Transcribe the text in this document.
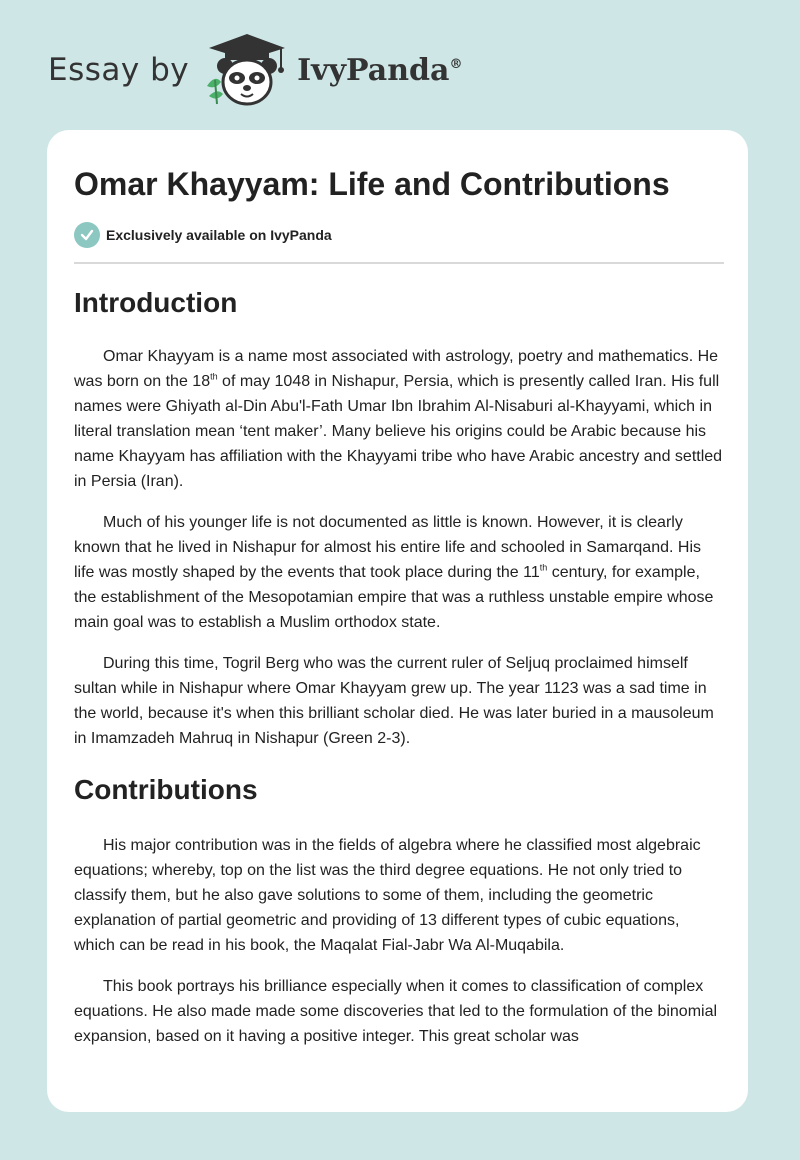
Essay by	IvyPanda®
Omar Khayyam: Life and Contributions
Exclusively available on IvyPanda
Introduction

Omar Khayyam is a name most associated with astrology, poetry and mathematics. He was born on the 18th of may 1048 in Nishapur, Persia, which is presently called Iran. His full names were Ghiyath al-Din Abu'l-Fath Umar Ibn Ibrahim Al-Nisaburi al-Khayyami, which in literal translation mean ‘tent maker’. Many believe his origins could be Arabic because his name Khayyam has affiliation with the Khayyami tribe who have Arabic ancestry and settled in Persia (Iran).

Much of his younger life is not documented as little is known. However, it is clearly known that he lived in Nishapur for almost his entire life and schooled in Samarqand. His life was mostly shaped by the events that took place during the 11th century, for example, the establishment of the Mesopotamian empire that was a ruthless unstable empire whose main goal was to establish a Muslim orthodox state.

During this time, Togril Berg who was the current ruler of Seljuq proclaimed himself sultan while in Nishapur where Omar Khayyam grew up. The year 1123 was a sad time in the world, because it's when this brilliant scholar died. He was later buried in a mausoleum in Imamzadeh Mahruq in Nishapur (Green 2-3).

Contributions

His major contribution was in the fields of algebra where he classified most algebraic equations; whereby, top on the list was the third degree equations. He not only tried to classify them, but he also gave solutions to some of them, including the geometric explanation of partial geometric and providing of 13 different types of cubic equations, which can be read in his book, the Maqalat Fial-Jabr Wa Al-Muqabila.

This book portrays his brilliance especially when it comes to classification of complex equations. He also made made some discoveries that led to the formulation of the binomial expansion, based on it having a positive integer. This great scholar was
